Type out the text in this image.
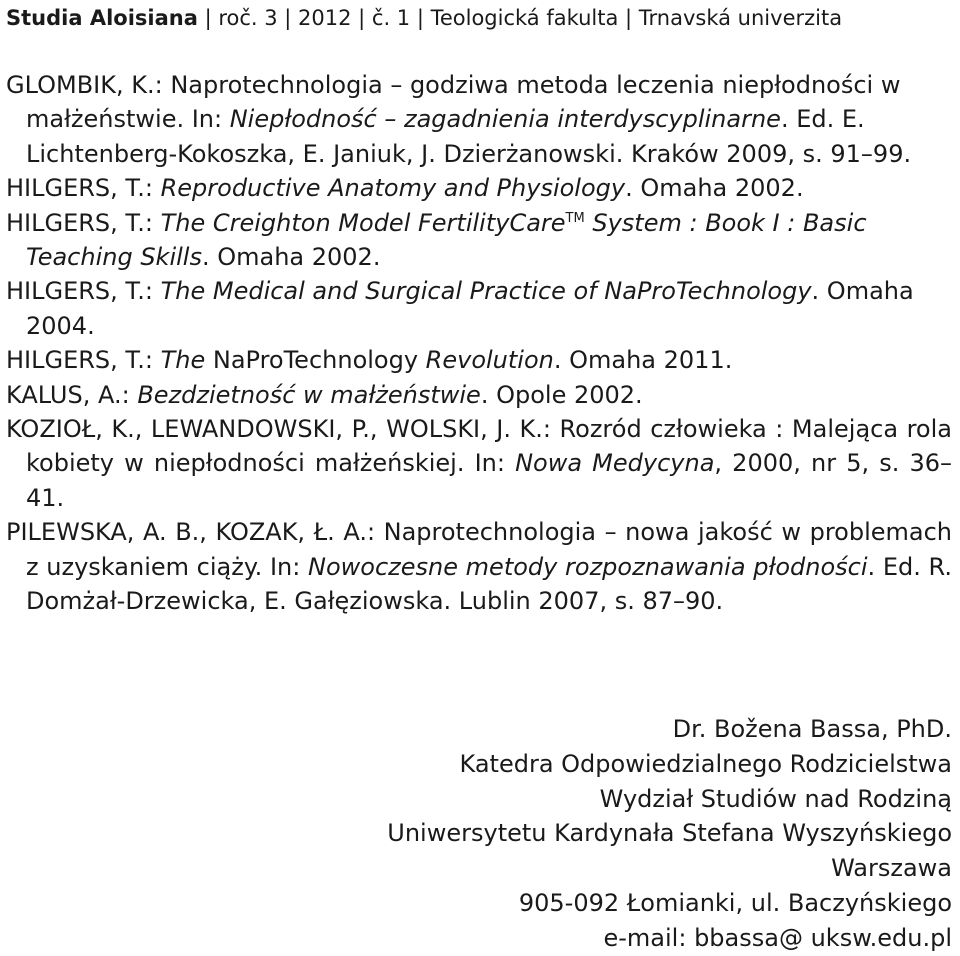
Studia Aloisiana | roč. 3 | 2012 | č. 1 | Teologická fakulta | Trnavská univerzita

GLOMBIK, K.: Naprotechnologia – godziwa metoda leczenia niepłodności w małżeństwie. In: Niepłodność – zagadnienia interdyscyplinarne. Ed. E. Lichtenberg-Kokoszka, E. Janiuk, J. Dzierżanowski. Kraków 2009, s. 91–99.

HILGERS, T.: Reproductive Anatomy and Physiology. Omaha 2002.

HILGERS, T.: The Creighton Model FertilityCare™ System : Book I : Basic Teaching Skills. Omaha 2002.

HILGERS, T.: The Medical and Surgical Practice of NaProTechnology. Omaha 2004.

HILGERS, T.: The NaProTechnology Revolution. Omaha 2011.

KALUS, A.: Bezdzietność w małżeństwie. Opole 2002.

KOZIOŁ, K., LEWANDOWSKI, P., WOLSKI, J. K.: Rozród człowieka : Malejąca rola kobiety w niepłodności małżeńskiej. In: Nowa Medycyna, 2000, nr 5, s. 36–41.

PILEWSKA, A. B., KOZAK, Ł. A.: Naprotechnologia – nowa jakość w problemach z uzyskaniem ciąży. In: Nowoczesne metody rozpoznawania płodności. Ed. R. Domżał-Drzewicka, E. Gałęziowska. Lublin 2007, s. 87–90.

Dr. Božena Bassa, PhD.
Katedra Odpowiedzialnego Rodzicielstwa
Wydział Studiów nad Rodziną
Uniwersytetu Kardynała Stefana Wyszyńskiego
Warszawa
905-092 Łomianki, ul. Baczyńskiego
e-mail: bbassa@ uksw.edu.pl
